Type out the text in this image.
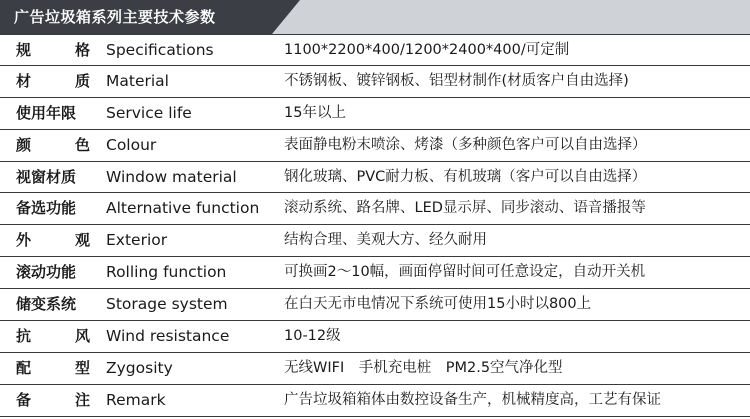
广告垃圾箱系列主要技术参数
规	格 Specifications	1100*2200*400/1200*2400*400/可定制
材	质 Material	不锈钢板、镀锌钢板、铝型材制作(材质客户自由选择)
使用年限 Service life	15年以上
颜	色 Colour	表面静电粉末喷涂、烤漆（多种颜色客户可以自由选择）
视窗材质 Window material	钢化玻璃、PVC耐力板、有机玻璃（客户可以自由选择）
备选功能 Alternative function 滚动系统、路名牌、LED显示屏、同步滚动、语音播报等
外	观 Exterior	结构合理、美观大方、经久耐用
滚动功能 Rolling function	可换画2～10幅，画面停留时间可任意设定，自动开关机
储变系统 Storage system	在白天无市电情况下系统可使用15小时以800上
抗	风 Wind resistance	10-12级
配	型 Zygosity	无线WIFI　手机充电桩　PM2.5空气净化型
备	注 Remark	广告垃圾箱箱体由数控设备生产，机械精度高，工艺有保证
